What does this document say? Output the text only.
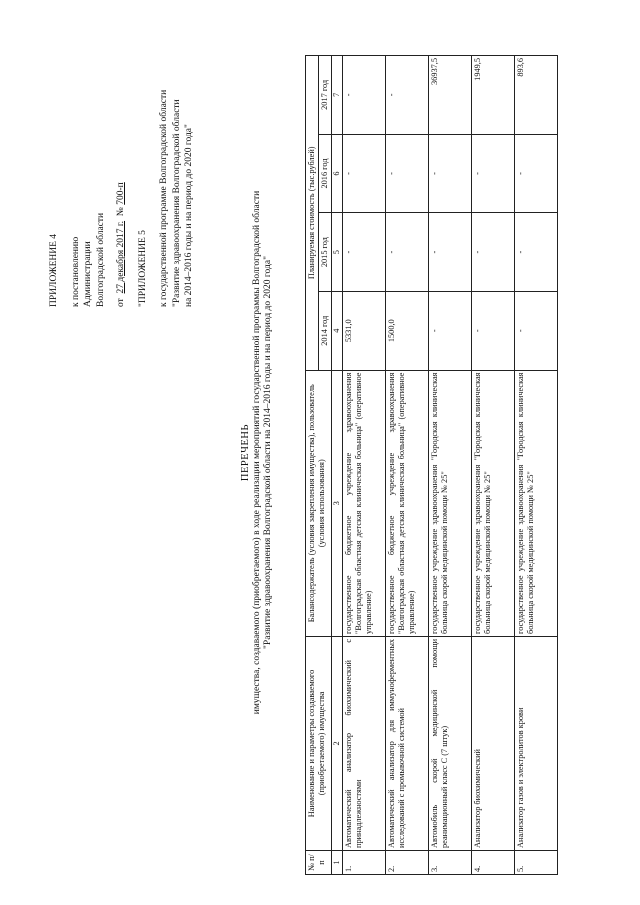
ПРИЛОЖЕНИЕ 4 к постановлению Администрации Волгоградской области от  27 декабря 2017 г.  № 700-п
"ПРИЛОЖЕНИЕ 5 к государственной программе Волгоградской области "Развитие здравоохранения Волгоградской области на 2014–2016 годы и на период до 2020 года"
ПЕРЕЧЕНЬ имущества, создаваемого (приобретаемого) в ходе реализации мероприятий государственной программы Волгоградской области "Развитие здравоохранения Волгоградской области на 2014–2016 годы и на период до 2020 года"
№ п/п	Наименование и параметры создаваемого (приобретаемого) имущества	Балансодержатель (условия закрепления имущества), пользователь (условия использования)	Планируемая стоимость (тыс.рублей)			
			2014 год	2015 год	2016 год	2017 год
1	2	3	4	5	6	7
1.	Автоматический анализатор биохимический с принадлежностями	государственное бюджетное учреждение здравоохранения "Волгоградская областная детская клиническая больница" (оперативное управление)	5331,0	-	-	-
2.	Автоматический анализатор для иммуноферментных исследований с промывочной системой	государственное бюджетное учреждение здравоохранения "Волгоградская областная детская клиническая больница" (оперативное управление)	1500,0	-	-	-
3.	Автомобиль скорой медицинской помощи реанимационный класс С (7 штук)	государственное учреждение здравоохранения "Городская клиническая больница скорой медицинской помощи № 25"	-	-	-	36937,5
4.	Анализатор биохимический	государственное учреждение здравоохранения "Городская клиническая больница скорой медицинской помощи № 25"	-	-	-	1949,5
5.	Анализатор газов и электролитов крови	государственное учреждение здравоохранения "Городская клиническая больница скорой медицинской помощи № 25"	-	-	-	893,6
